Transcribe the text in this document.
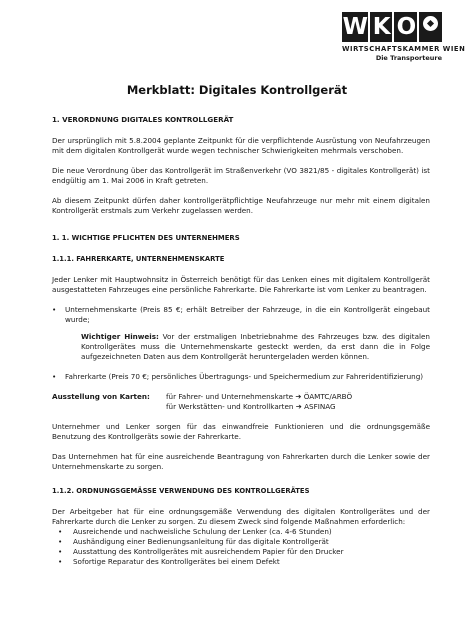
W K O
WIRTSCHAFTSKAMMER WIEN
Die Transporteure
Merkblatt: Digitales Kontrollgerät
1. VERORDNUNG DIGITALES KONTROLLGERÄT
Der ursprünglich mit 5.8.2004 geplante Zeitpunkt für die verpflichtende Ausrüstung von Neufahrzeugen mit dem digitalen Kontrollgerät wurde wegen technischer Schwierigkeiten mehrmals verschoben.
Die neue Verordnung über das Kontrollgerät im Straßenverkehr (VO 3821/85 - digitales Kontrollgerät) ist endgültig am 1. Mai 2006 in Kraft getreten.
Ab diesem Zeitpunkt dürfen daher kontrollgerätpflichtige Neufahrzeuge nur mehr mit einem digitalen Kontrollgerät erstmals zum Verkehr zugelassen werden.
1. 1. WICHTIGE PFLICHTEN DES UNTERNEHMERS
1.1.1. FAHRERKARTE, UNTERNEHMENSKARTE
Jeder Lenker mit Hauptwohnsitz in Österreich benötigt für das Lenken eines mit digitalem Kontrollgerät ausgestatteten Fahrzeuges eine persönliche Fahrerkarte. Die Fahrerkarte ist vom Lenker zu beantragen.
•	Unternehmenskarte (Preis 85 €; erhält Betreiber der Fahrzeuge, in die ein Kontrollgerät eingebaut wurde;
Wichtiger Hinweis: Vor der erstmaligen Inbetriebnahme des Fahrzeuges bzw. des digitalen Kontrollgerätes muss die Unternehmenskarte gesteckt werden, da erst dann die in Folge aufgezeichneten Daten aus dem Kontrollgerät heruntergeladen werden können.
•	Fahrerkarte (Preis 70 €; persönliches Übertragungs- und Speichermedium zur Fahreridentifizierung)
Ausstellung von Karten:	für Fahrer- und Unternehmenskarte ➔ ÖAMTC/ARBÖ
für Werkstätten- und Kontrollkarten ➔ ASFINAG
Unternehmer und Lenker sorgen für das einwandfreie Funktionieren und die ordnungsgemäße Benutzung des Kontrollgeräts sowie der Fahrerkarte.
Das Unternehmen hat für eine ausreichende Beantragung von Fahrerkarten durch die Lenker sowie der Unternehmenskarte zu sorgen.
1.1.2. ORDNUNGSGEMÄSSE VERWENDUNG DES KONTROLLGERÄTES
Der Arbeitgeber hat für eine ordnungsgemäße Verwendung des digitalen Kontrollgerätes und der Fahrerkarte durch die Lenker zu sorgen. Zu diesem Zweck sind folgende Maßnahmen erforderlich:
•	Ausreichende und nachweisliche Schulung der Lenker (ca. 4-6 Stunden)
•	Aushändigung einer Bedienungsanleitung für das digitale Kontrollgerät
•	Ausstattung des Kontrollgerätes mit ausreichendem Papier für den Drucker
•	Sofortige Reparatur des Kontrollgerätes bei einem Defekt
